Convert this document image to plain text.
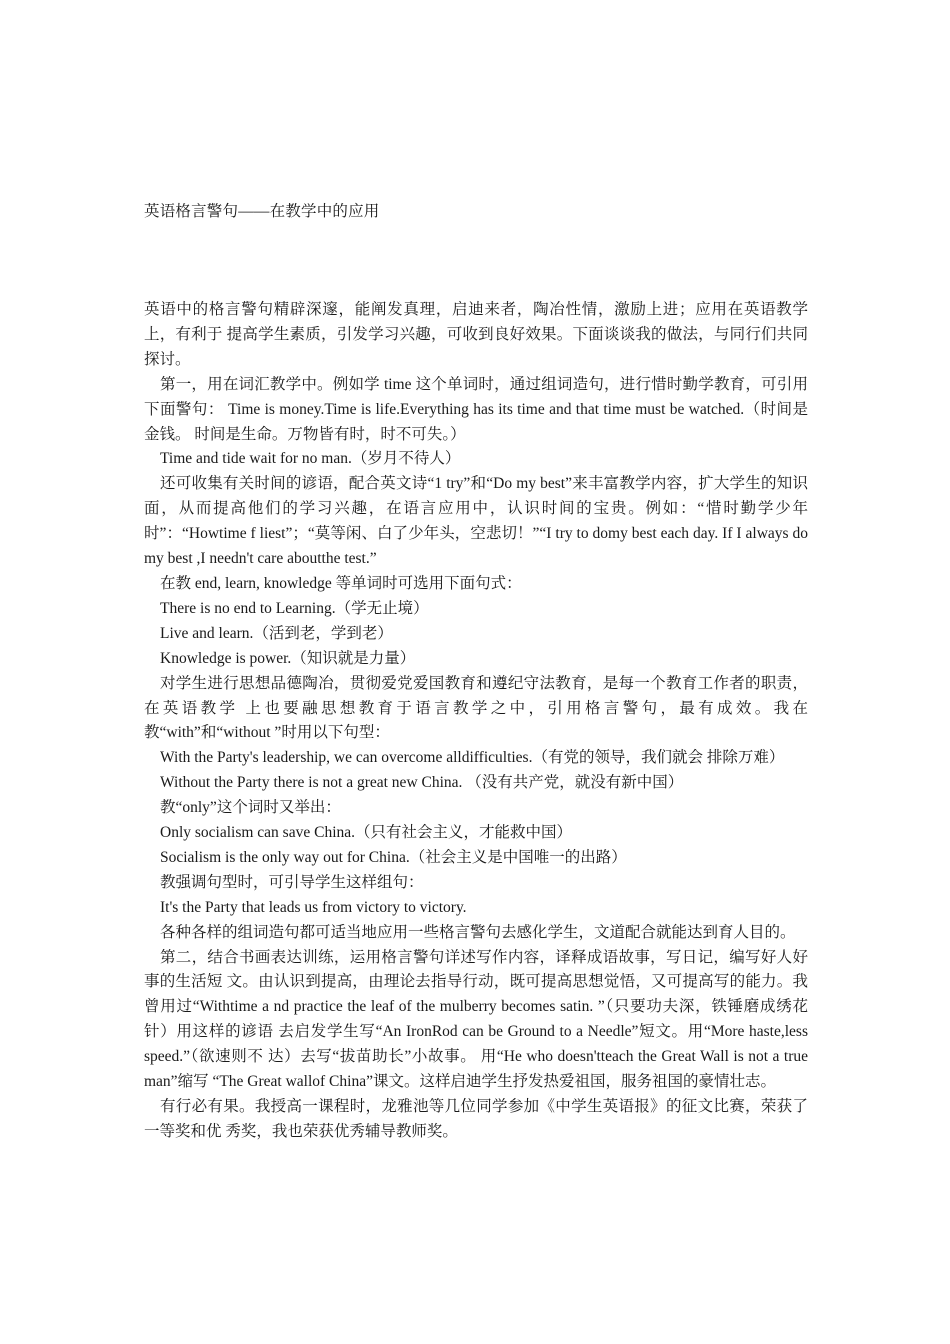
英语格言警句——在教学中的应用

英语中的格言警句精辟深邃，能阐发真理，启迪来者，陶冶性情，激励上进；应用在英语教学上，有利于 提高学生素质，引发学习兴趣，可收到良好效果。下面谈谈我的做法，与同行们共同探讨。

第一，用在词汇教学中。例如学 time 这个单词时，通过组词造句，进行惜时勤学教育，可引用下面警句： Time is money.Time is life.Everything has its time and that time must be watched.（时间是金钱。 时间是生命。万物皆有时，时不可失。）

Time and tide wait for no man.（岁月不待人）

还可收集有关时间的谚语，配合英文诗“1 try”和“Do my best”来丰富教学内容，扩大学生的知识面，从而提高他们的学习兴趣，在语言应用中，认识时间的宝贵。例如：“惜时勤学少年时”：“Howtime f liest”；“莫等闲、白了少年头，空悲切！”“I try to domy best each day. If I always do my best ,I needn't care aboutthe test.”

在教 end, learn, knowledge 等单词时可选用下面句式：

There is no end to Learning.（学无止境）

Live and learn.（活到老，学到老）

Knowledge is power.（知识就是力量）

对学生进行思想品德陶冶，贯彻爱党爱国教育和遵纪守法教育，是每一个教育工作者的职责，在英语教学 上也要融思想教育于语言教学之中，引用格言警句，最有成效。我在教“with”和“without ”时用以下句型：

With the Party's leadership, we can overcome alldifficulties.（有党的领导，我们就会 排除万难）

Without the Party there is not a great new China. （没有共产党，就没有新中国）

教“only”这个词时又举出：

Only socialism can save China.（只有社会主义，才能救中国）

Socialism is the only way out for China.（社会主义是中国唯一的出路）

教强调句型时，可引导学生这样组句：

It's the Party that leads us from victory to victory.

各种各样的组词造句都可适当地应用一些格言警句去感化学生，文道配合就能达到育人目的。

第二，结合书画表达训练，运用格言警句详述写作内容，译释成语故事，写日记，编写好人好事的生活短 文。由认识到提高，由理论去指导行动，既可提高思想觉悟，又可提高写的能力。我曾用过“Withtime a nd practice the leaf of the mulberry becomes satin. ”（只要功夫深，铁锤磨成绣花针）用这样的谚语 去启发学生写“An IronRod can be Ground to a Needle”短文。用“More haste,less speed.”（欲速则不 达）去写“拔苗助长”小故事。 用“He who doesn'tteach the Great Wall is not a true man”缩写 “The Great wallof China”课文。这样启迪学生抒发热爱祖国，服务祖国的豪情壮志。

有行必有果。我授高一课程时，龙雅池等几位同学参加《中学生英语报》的征文比赛，荣获了一等奖和优 秀奖，我也荣获优秀辅导教师奖。
